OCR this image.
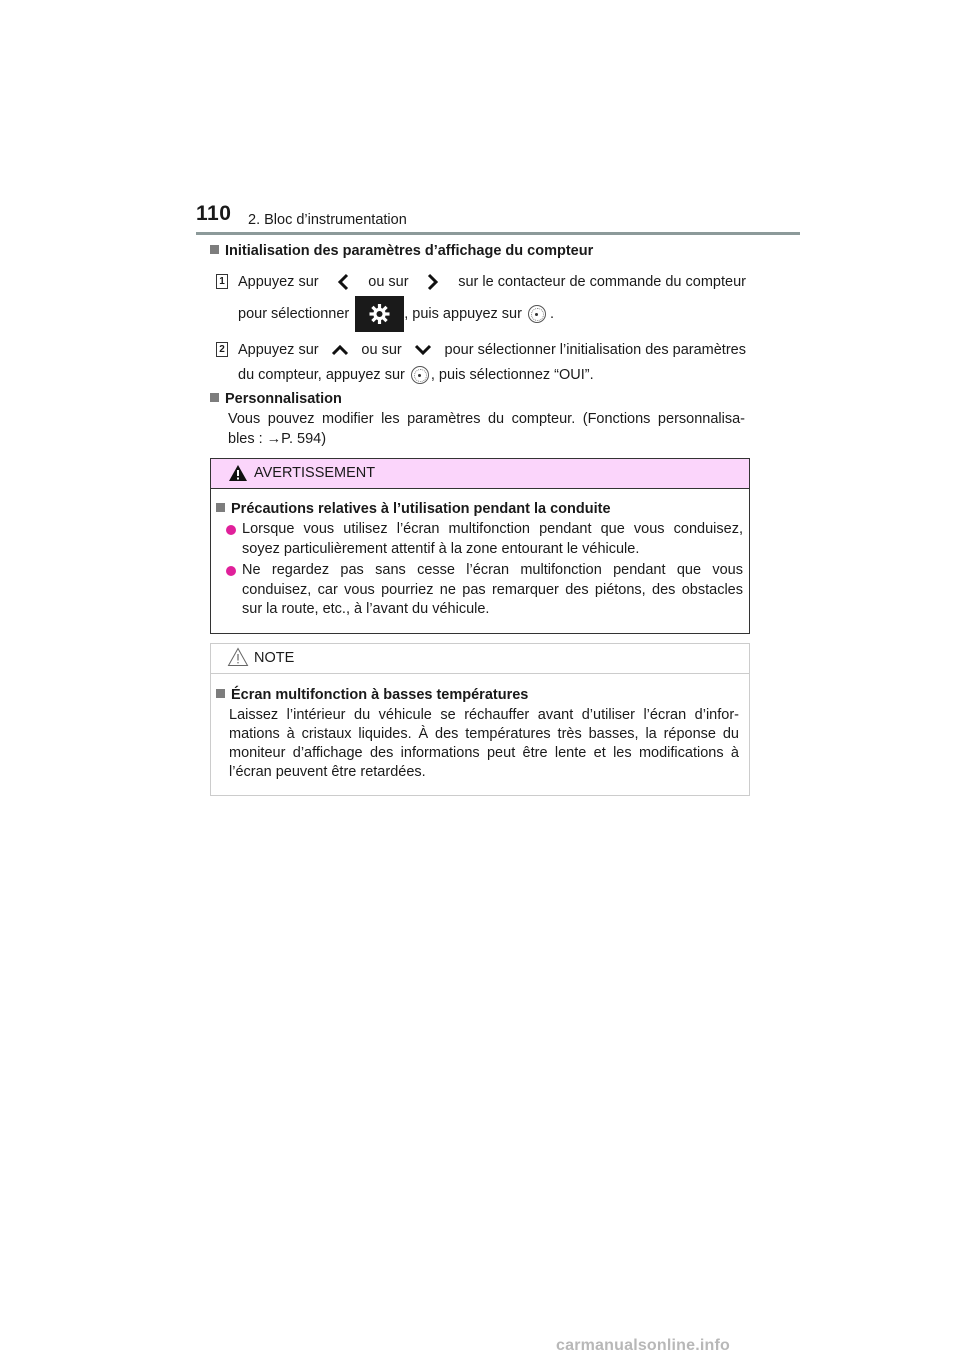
110 2. Bloc d’instrumentation
Initialisation des paramètres d’affichage du compteur
1 Appuyez sur	ou sur	sur le contacteur de commande du compteur
pour sélectionner	, puis appuyez sur .
2 Appuyez sur	ou sur	pour sélectionner l’initialisation des paramètres
du compteur, appuyez sur , puis sélectionnez “OUI”.
Personnalisation
Vous pouvez modifier les paramètres du compteur. (Fonctions personnalisa-
bles : →P. 594)
AVERTISSEMENT
Précautions relatives à l’utilisation pendant la conduite
Lorsque vous utilisez l’écran multifonction pendant que vous conduisez,
soyez particulièrement attentif à la zone entourant le véhicule.
Ne regardez pas sans cesse l’écran multifonction pendant que vous
conduisez, car vous pourriez ne pas remarquer des piétons, des obstacles
sur la route, etc., à l’avant du véhicule.
NOTE
Écran multifonction à basses températures
Laissez l’intérieur du véhicule se réchauffer avant d’utiliser l’écran d’infor-
mations à cristaux liquides. À des températures très basses, la réponse du
moniteur d’affichage des informations peut être lente et les modifications à
l’écran peuvent être retardées.
carmanualsonline.info
